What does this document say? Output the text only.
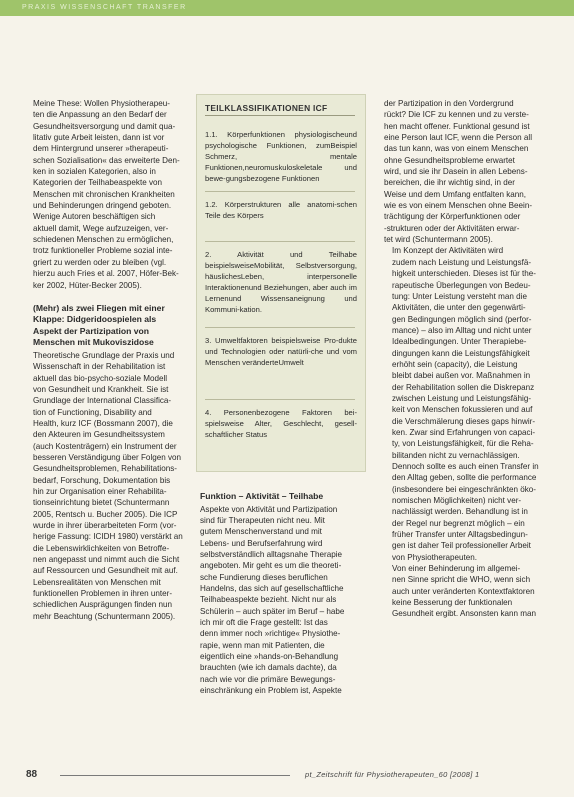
PRAXIS WISSENSCHAFT TRANSFER
Meine These: Wollen Physiotherapeu-
ten die Anpassung an den Bedarf der
Gesundheitsversorgung und damit qua-
litativ gute Arbeit leisten, dann ist vor
dem Hintergrund unserer »therapeuti-
schen Sozialisation« das erweiterte Den-
ken in sozialen Kategorien, also in
Kategorien der Teilhabeaspekte von
Menschen mit chronischen Krankheiten
und Behinderungen dringend geboten.
Wenige Autoren beschäftigen sich
aktuell damit, Wege aufzuzeigen, ver-
schiedenen Menschen zu ermöglichen,
trotz funktioneller Probleme sozial inte-
griert zu werden oder zu bleiben (vgl.
hierzu auch Fries et al. 2007, Höfer-Bek-
ker 2002, Hüter-Becker 2005).
(Mehr) als zwei Fliegen mit einer
Klappe: Didgeridoospielen als
Aspekt der Partizipation von
Menschen mit Mukoviszidose
Theoretische Grundlage der Praxis und
Wissenschaft in der Rehabilitation ist
aktuell das bio-psycho-soziale Modell
von Gesundheit und Krankheit. Sie ist
Grundlage der International Classifica-
tion of Functioning, Disability and
Health, kurz ICF (Bossmann 2007), die
den Akteuren im Gesundheitssystem
(auch Kostenträgern) ein Instrument der
besseren Verständigung über Folgen von
Gesundheitsproblemen, Rehabilitations-
bedarf, Forschung, Dokumentation bis
hin zur Organisation einer Rehabilita-
tionseinrichtung bietet (Schuntermann
2005, Rentsch u. Bucher 2005). Die ICP
wurde in ihrer überarbeiteten Form (vor-
herige Fassung: ICIDH 1980) verstärkt an
die Lebenswirklichkeiten von Betroffe-
nen angepasst und nimmt auch die Sicht
auf Ressourcen und Gesundheit mit auf.
Lebensrealitäten von Menschen mit
funktionellen Problemen in ihren unter-
schiedlichen Ausprägungen finden nun
mehr Beachtung (Schuntermann 2005).
TEILKLASSIFIKATIONEN ICF
1.1. Körperfunktionen physiologischeund psychologische Funktionen, zumBeispiel Schmerz, mentale Funktionen,neuromuskuloskeletale und bewe-gungsbezogene Funktionen
1.2. Körperstrukturen alle anatomi-schen Teile des Körpers
2. Aktivität und Teilhabe beispielsweiseMobilität, Selbstversorgung, häuslichesLeben, interpersonelle Interaktionenund Beziehungen, aber auch im Lernenund Wissensaneignung und Kommuni-kation.
3. Umweltfaktoren beispielsweise Pro-dukte und Technologien oder natürli-che und vom Menschen veränderteUmwelt
4. Personenbezogene Faktoren bei-spielsweise Alter, Geschlecht, gesell-schaftlicher Status
Funktion – Aktivität – Teilhabe
Aspekte von Aktivität und Partizipation
sind für Therapeuten nicht neu. Mit
gutem Menschenverstand und mit
Lebens- und Berufserfahrung wird
selbstverständlich alltagsnahe Therapie
angeboten. Mir geht es um die theoreti-
sche Fundierung dieses beruflichen
Handelns, das sich auf gesellschaftliche
Teilhabeaspekte bezieht. Nicht nur als
Schülerin – auch später im Beruf – habe
ich mir oft die Frage gestellt: Ist das
denn immer noch »richtige« Physiothe-
rapie, wenn man mit Patienten, die
eigentlich eine »hands-on-Behandlung
brauchten (wie ich damals dachte), da
nach wie vor die primäre Bewegungs-
einschränkung ein Problem ist, Aspekte
der Partizipation in den Vordergrund
rückt? Die ICF zu kennen und zu verste-
hen macht offener. Funktional gesund ist
eine Person laut ICF, wenn die Person all
das tun kann, was von einem Menschen
ohne Gesundheitsprobleme erwartet
wird, und sie ihr Dasein in allen Lebens-
bereichen, die ihr wichtig sind, in der
Weise und dem Umfang entfalten kann,
wie es von einem Menschen ohne Beein-
trächtigung der Körperfunktionen oder
-strukturen oder der Aktivitäten erwar-
tet wird (Schuntermann 2005).
Im Konzept der Aktivitäten wird
zudem nach Leistung und Leistungsfä-
higkeit unterschieden. Dieses ist für the-
rapeutische Überlegungen von Bedeu-
tung: Unter Leistung versteht man die
Aktivitäten, die unter den gegenwärti-
gen Bedingungen möglich sind (perfor-
mance) – also im Alltag und nicht unter
Idealbedingungen. Unter Therapiebe-
dingungen kann die Leistungsfähigkeit
erhöht sein (capacity), die Leistung
bleibt dabei außen vor. Maßnahmen in
der Rehabilitation sollen die Diskrepanz
zwischen Leistung und Leistungsfähig-
keit von Menschen fokussieren und auf
die Verschmälerung dieses gaps hinwir-
ken. Zwar sind Erfahrungen von capaci-
ty, von Leistungsfähigkeit, für die Reha-
bilitanden nicht zu vernachlässigen.
Dennoch sollte es auch einen Transfer in
den Alltag geben, sollte die performance
(insbesondere bei eingeschränkten öko-
nomischen Möglichkeiten) nicht ver-
nachlässigt werden. Behandlung ist in
der Regel nur begrenzt möglich – ein
früher Transfer unter Alltagsbedingun-
gen ist daher Teil professioneller Arbeit
von Physiotherapeuten.
Von einer Behinderung im allgemei-
nen Sinne spricht die WHO, wenn sich
auch unter veränderten Kontextfaktoren
keine Besserung der funktionalen
Gesundheit ergibt. Ansonsten kann man
88	pt_Zeitschrift für Physiotherapeuten_60 [2008] 1
